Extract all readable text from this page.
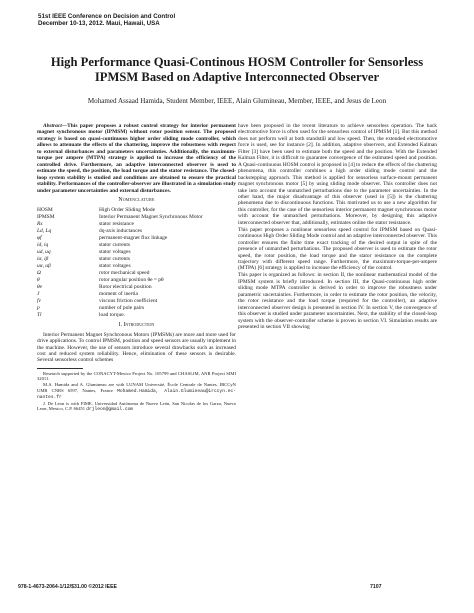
51st IEEE Conference on Decision and Control
December 10-13, 2012. Maui, Hawaii, USA
High Performance Quasi-Continous HOSM Controller for Sensorless
IPMSM Based on Adaptive Interconnected Observer
Mohamed Assaad Hamida, Student Member, IEEE, Alain Glumineau, Member, IEEE, and Jesus de Leon

Abstract—This paper proposes a robust control strategy for interior permanent magnet synchronous motor (IPMSM) without rotor position sensor. The proposed strategy is based on quasi-continuous higher order sliding mode controller, which allows to attenuate the effects of the chattering, improve the robustness with respect to external disturbances and parameters uncertainties. Additionally, the maximum-torque per ampere (MTPA) strategy is applied to increase the efficiency of the controlled drive. Furthermore, an adaptive interconnected observer is used to estimate the speed, the position, the load torque and the stator resistance. The closed-loop system stability is studied and conditions are obtained to ensure the practical stability. Performances of the controller-observer are illustrated in a simulation study under parameter uncertainties and external disturbances.

Nomenclature
HOSM	High Order Sliding Mode
IPMSM	Interior Permanent Magnet Synchronous Motor
Rs	stator resistance
Ld, Lq	dq-axis inductances
φf	permanent-magnet flux linkage
id, iq	stator currents
ud, uq	stator voltages
iα, iβ	stator currents
uα, uβ	stator voltages
Ω	rotor mechanical speed
θ	rotor angular position θe = pθ
θe	Rotor electrical position
J	moment of inertia
fv	viscous friction coefficient
p	number of pole pairs
Tl	load torque.
I. Introduction

Interior Permanent Magnet Synchronous Motors (IPMSMs) are more and more used for drive applications. To control IPMSM, position and speed sensors are usually implement in the machine. However, the use of sensors introduce several drawbacks such as increased cost and reduced system reliability. Hence, elimination of these sensors is desirable. Several sensorless control schemes

Research supported by the CONACYT-Mexico Project No. 105799 and CHASLIM, ANR Project SIMI 32011.

M.A. Hamida and A. Glumineau are with LUNAM Université, École Centrale de Nantes, IRCCyN UMR CNRS 6597, Nantes, France Mohamed.Hamida, Alain.Glumineau@irccyn.ec-nantes.fr

J. De Leon is with FIME, Universidad Autónoma de Nuevo León, San Nicolas de los Garza, Nuevo Leon, Mexico, C.P. 66451 drjleon@gmail.com

have been proposed in the recent literature to achieve sensorless operation. The back electromotive force is often used for the sensorless control of IPMSM [1]. But this method does not perform well at both standstill and low speed. Then, the extended electromotive force is used, see for instance [2]. In addition, adaptive observers, and Extended Kalman Filter [3] have been used to estimate both the speed and the position. With the Extended Kalman Filter, it is difficult to guarantee convergence of the estimated speed and position. A Quasi-continuous HOSM control is proposed in [4] to reduce the effects of the chattering phenomena, this controller combines a high order sliding mode control and the backstepping approach. This method is applied for sensorless surface-mount permanent magnet synchronous motor [5] by using sliding mode observer. This controller does not take into account the unmatched perturbations due to the parameter uncertainties. In the other hand, the major disadvantage of this observer (used in [5]) is the chattering phenomena due to discontinuous functions. This motivated us to use a new algorithm for this controller, for the case of the sensorless interior permanent magnet synchronous motor with account the unmatched perturbations. Moreover, by designing this adaptive interconnected observer that, additionally, estimates online the stator resistance.

This paper proposes a nonlinear sensorless speed control for IPMSM based on Quasi-continuous High Order Sliding Mode control and an adaptive interconnected observer. This controller ensures the finite time exact tracking of the desired output in spite of the presence of unmatched perturbations. The proposed observer is used to estimate the rotor speed, the rotor position, the load torque and the stator resistance on the complete trajectory with different speed range. Furthermore, the maximum-torque-per-ampere (MTPA) [6] strategy is applied to increase the efficiency of the control.

This paper is organized as follows: in section II, the nonlinear mathematical model of the IPMSM system is briefly introduced. In section III, the Quasi-continuous high order sliding mode MTPA controller is derived in order to improve the robustness under parametric uncertainties. Furthermore, in order to estimate the rotor position, the velocity, the rotor resistance and the load torque (required for the controller), an adaptive interconnected observer design is presented in section IV. In section V, the convergence of this observer is studied under parameter uncertainties. Next, the stability of the closed-loop system with the observer-controller scheme is proven in section VI. Simulation results are presented in section VII showing

978-1-4673-2064-1/12/$31.00 ©2012 IEEE	7107
